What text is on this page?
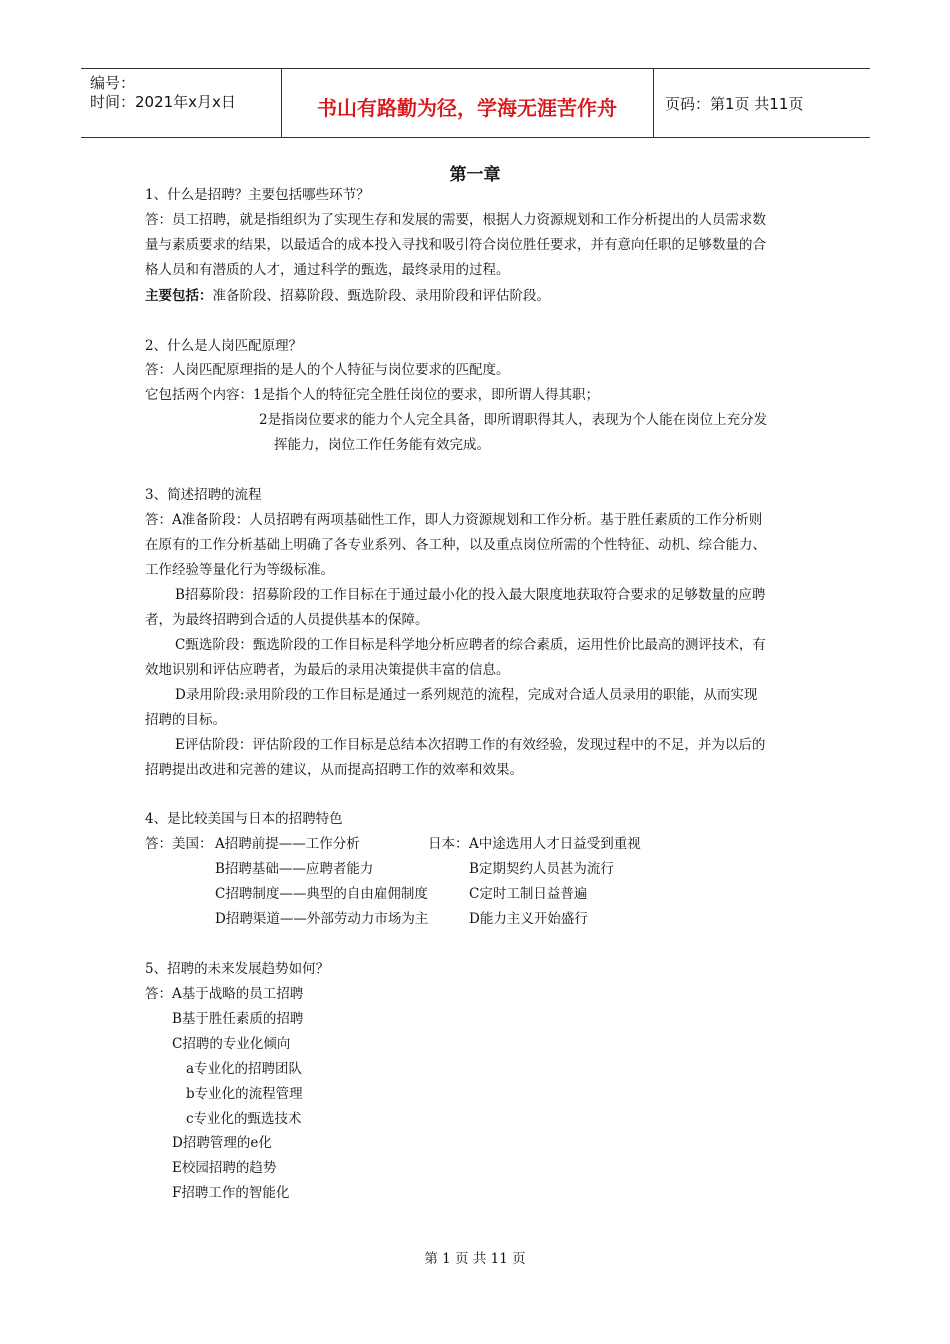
编号：
时间：2021年x月x日	书山有路勤为径，学海无涯苦作舟	页码：第1页 共11页
第一章
1、什么是招聘？主要包括哪些环节？
答：员工招聘，就是指组织为了实现生存和发展的需要，根据人力资源规划和工作分析提出的人员需求数
量与素质要求的结果，以最适合的成本投入寻找和吸引符合岗位胜任要求，并有意向任职的足够数量的合
格人员和有潜质的人才，通过科学的甄选，最终录用的过程。
主要包括：准备阶段、招募阶段、甄选阶段、录用阶段和评估阶段。
2、什么是人岗匹配原理？
答：人岗匹配原理指的是人的个人特征与岗位要求的匹配度。
它包括两个内容：1是指个人的特征完全胜任岗位的要求，即所谓人得其职；
2是指岗位要求的能力个人完全具备，即所谓职得其人，表现为个人能在岗位上充分发
挥能力，岗位工作任务能有效完成。
3、简述招聘的流程
答：A准备阶段：人员招聘有两项基础性工作，即人力资源规划和工作分析。基于胜任素质的工作分析则
在原有的工作分析基础上明确了各专业系列、各工种，以及重点岗位所需的个性特征、动机、综合能力、
工作经验等量化行为等级标准。
B招募阶段：招募阶段的工作目标在于通过最小化的投入最大限度地获取符合要求的足够数量的应聘
者，为最终招聘到合适的人员提供基本的保障。
C甄选阶段：甄选阶段的工作目标是科学地分析应聘者的综合素质，运用性价比最高的测评技术，有
效地识别和评估应聘者，为最后的录用决策提供丰富的信息。
D录用阶段:录用阶段的工作目标是通过一系列规范的流程，完成对合适人员录用的职能，从而实现
招聘的目标。
E评估阶段：评估阶段的工作目标是总结本次招聘工作的有效经验，发现过程中的不足，并为以后的
招聘提出改进和完善的建议，从而提高招聘工作的效率和效果。
4、是比较美国与日本的招聘特色
答：美国： A招聘前提——工作分析
B招聘基础——应聘者能力
C招聘制度——典型的自由雇佣制度
D招聘渠道——外部劳动力市场为主
日本： A中途选用人才日益受到重视
B定期契约人员甚为流行
C定时工制日益普遍
D能力主义开始盛行
5、招聘的未来发展趋势如何？
答：A基于战略的员工招聘
B基于胜任素质的招聘
C招聘的专业化倾向
a专业化的招聘团队
b专业化的流程管理
c专业化的甄选技术
D招聘管理的e化
E校园招聘的趋势
F招聘工作的智能化
第 1 页 共 11 页
